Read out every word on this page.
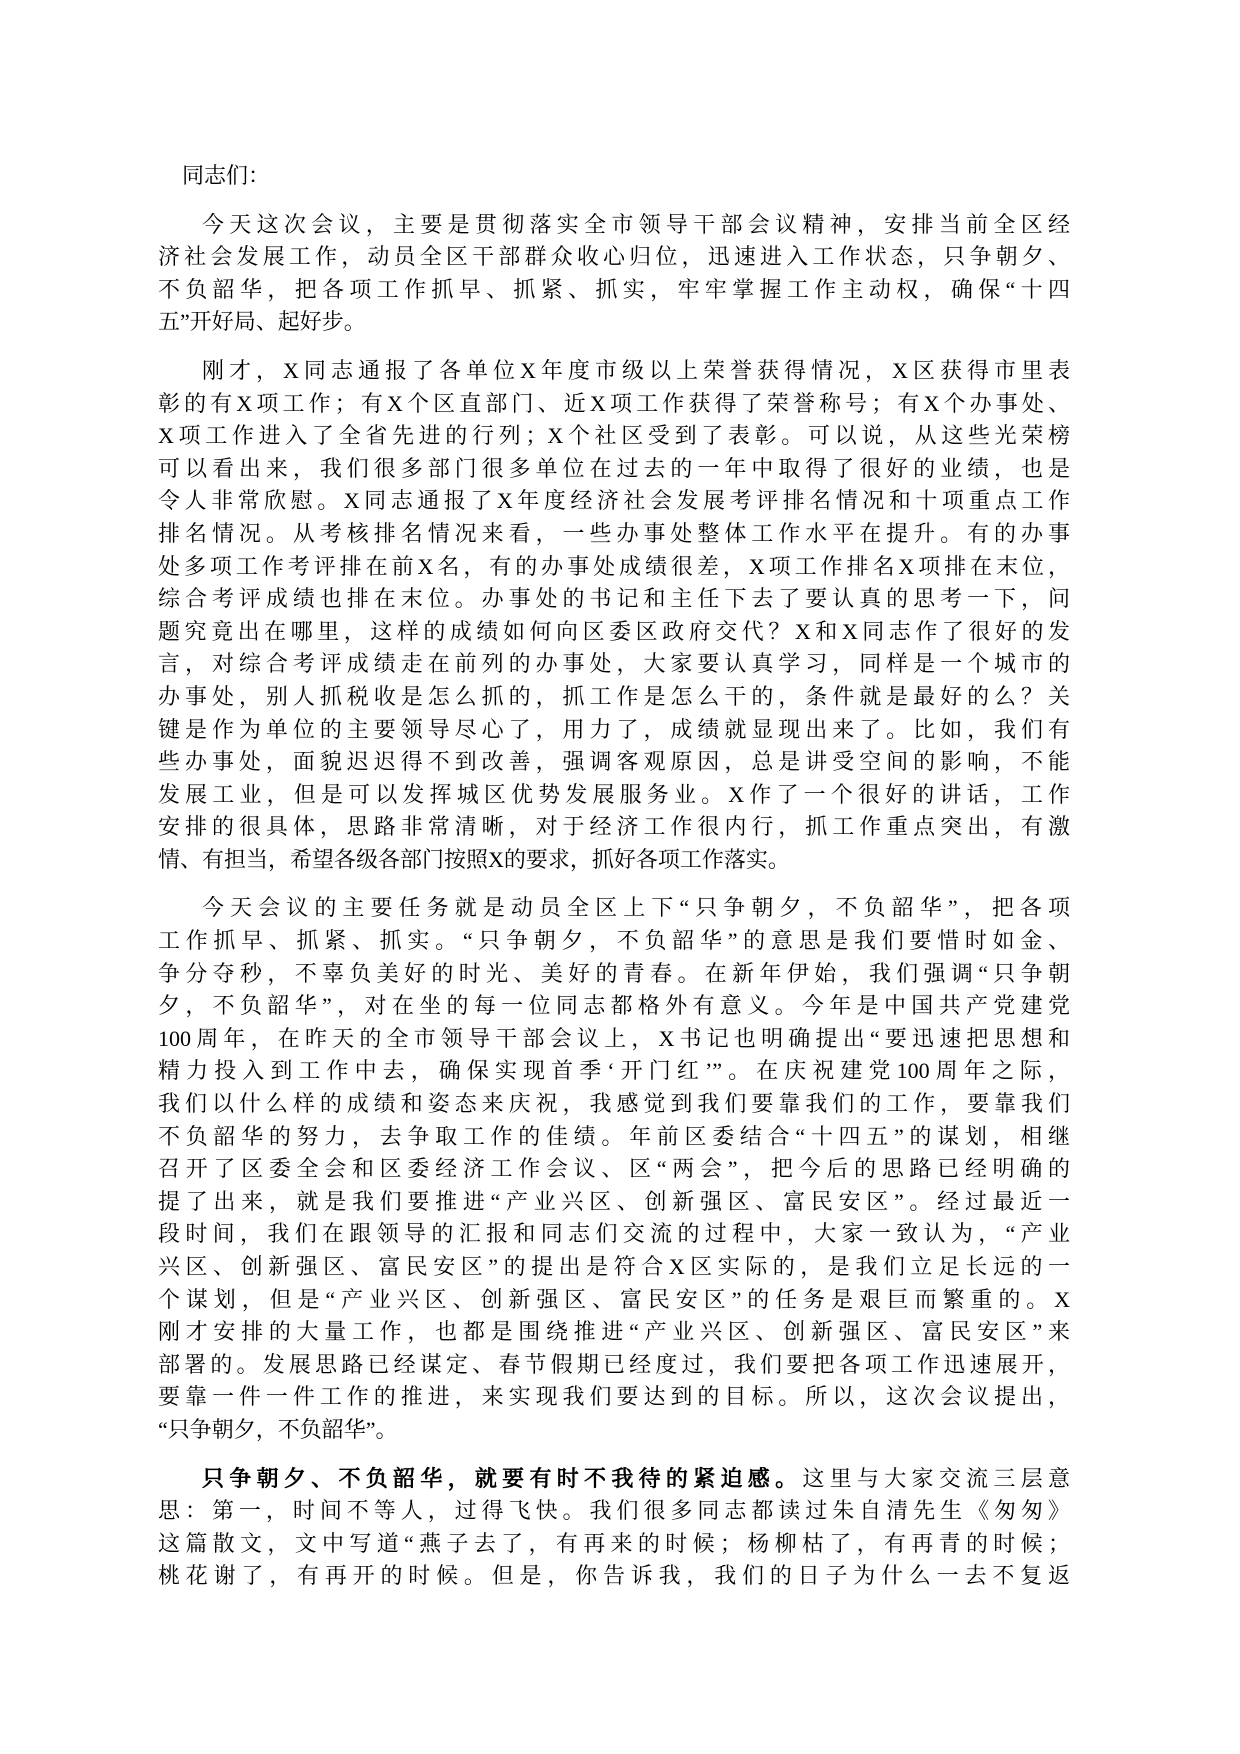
同志们：
今天这次会议，主要是贯彻落实全市领导干部会议精神，安排当前全区经
济社会发展工作，动员全区干部群众收心归位，迅速进入工作状态，只争朝夕、
不负韶华，把各项工作抓早、抓紧、抓实，牢牢掌握工作主动权，确保“十四
五”开好局、起好步。
刚才，X同志通报了各单位X年度市级以上荣誉获得情况，X区获得市里表
彰的有X项工作；有X个区直部门、近X项工作获得了荣誉称号；有X个办事处、
X项工作进入了全省先进的行列；X个社区受到了表彰。可以说，从这些光荣榜
可以看出来，我们很多部门很多单位在过去的一年中取得了很好的业绩，也是
令人非常欣慰。X同志通报了X年度经济社会发展考评排名情况和十项重点工作
排名情况。从考核排名情况来看，一些办事处整体工作水平在提升。有的办事
处多项工作考评排在前X名，有的办事处成绩很差，X项工作排名X项排在末位，
综合考评成绩也排在末位。办事处的书记和主任下去了要认真的思考一下，问
题究竟出在哪里，这样的成绩如何向区委区政府交代？X和X同志作了很好的发
言，对综合考评成绩走在前列的办事处，大家要认真学习，同样是一个城市的
办事处，别人抓税收是怎么抓的，抓工作是怎么干的，条件就是最好的么？关
键是作为单位的主要领导尽心了，用力了，成绩就显现出来了。比如，我们有
些办事处，面貌迟迟得不到改善，强调客观原因，总是讲受空间的影响，不能
发展工业，但是可以发挥城区优势发展服务业。X作了一个很好的讲话，工作
安排的很具体，思路非常清晰，对于经济工作很内行，抓工作重点突出，有激
情、有担当，希望各级各部门按照X的要求，抓好各项工作落实。
今天会议的主要任务就是动员全区上下“只争朝夕，不负韶华”，把各项
工作抓早、抓紧、抓实。“只争朝夕，不负韶华”的意思是我们要惜时如金、
争分夺秒，不辜负美好的时光、美好的青春。在新年伊始，我们强调“只争朝
夕，不负韶华”，对在坐的每一位同志都格外有意义。今年是中国共产党建党
100周年，在昨天的全市领导干部会议上，X书记也明确提出“要迅速把思想和
精力投入到工作中去，确保实现首季‘开门红’”。在庆祝建党100周年之际，
我们以什么样的成绩和姿态来庆祝，我感觉到我们要靠我们的工作，要靠我们
不负韶华的努力，去争取工作的佳绩。年前区委结合“十四五”的谋划，相继
召开了区委全会和区委经济工作会议、区“两会”，把今后的思路已经明确的
提了出来，就是我们要推进“产业兴区、创新强区、富民安区”。经过最近一
段时间，我们在跟领导的汇报和同志们交流的过程中，大家一致认为，“产业
兴区、创新强区、富民安区”的提出是符合X区实际的，是我们立足长远的一
个谋划，但是“产业兴区、创新强区、富民安区”的任务是艰巨而繁重的。X
刚才安排的大量工作，也都是围绕推进“产业兴区、创新强区、富民安区”来
部署的。发展思路已经谋定、春节假期已经度过，我们要把各项工作迅速展开，
要靠一件一件工作的推进，来实现我们要达到的目标。所以，这次会议提出，
“只争朝夕，不负韶华”。
只争朝夕、不负韶华，就要有时不我待的紧迫感。这里与大家交流三层意
思：第一，时间不等人，过得飞快。我们很多同志都读过朱自清先生《匆匆》
这篇散文，文中写道“燕子去了，有再来的时候；杨柳枯了，有再青的时候；
桃花谢了，有再开的时候。但是，你告诉我，我们的日子为什么一去不复返
